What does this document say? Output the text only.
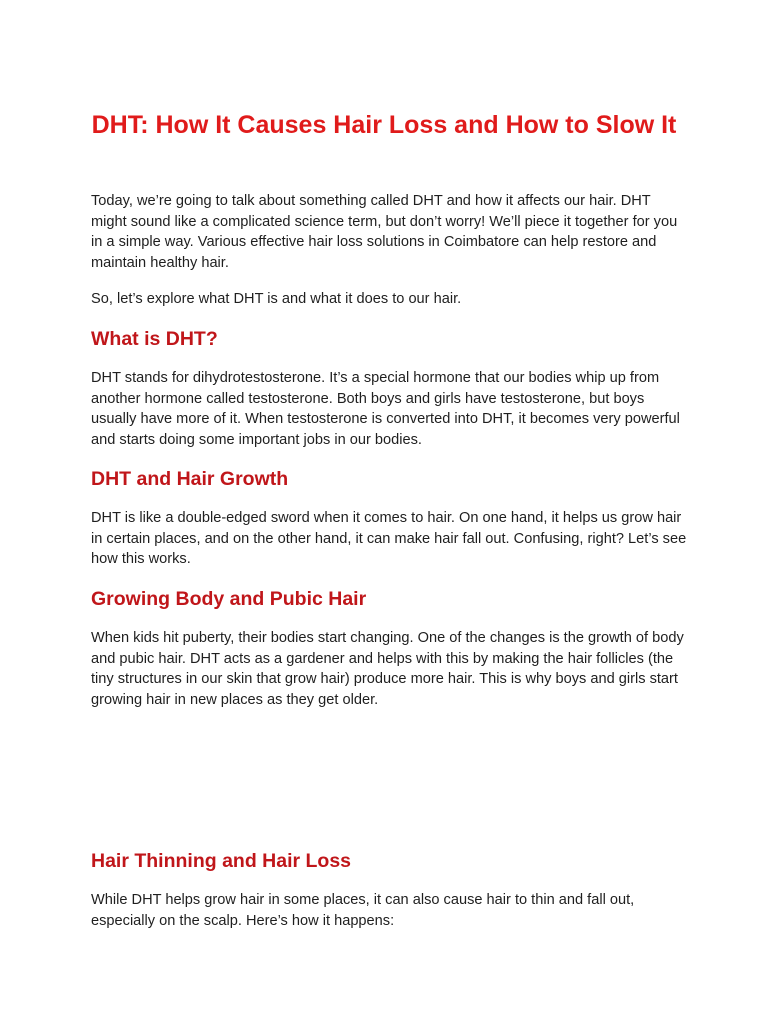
DHT: How It Causes Hair Loss and How to Slow It

Today, we’re going to talk about something called DHT and how it affects our hair. DHT might sound like a complicated science term, but don’t worry! We’ll piece it together for you in a simple way. Various effective hair loss solutions in Coimbatore can help restore and maintain healthy hair.

So, let’s explore what DHT is and what it does to our hair.

What is DHT?

DHT stands for dihydrotestosterone. It’s a special hormone that our bodies whip up from another hormone called testosterone. Both boys and girls have testosterone, but boys usually have more of it. When testosterone is converted into DHT, it becomes very powerful and starts doing some important jobs in our bodies.

DHT and Hair Growth

DHT is like a double-edged sword when it comes to hair. On one hand, it helps us grow hair in certain places, and on the other hand, it can make hair fall out. Confusing, right? Let’s see how this works.

Growing Body and Pubic Hair

When kids hit puberty, their bodies start changing. One of the changes is the growth of body and pubic hair. DHT acts as a gardener and helps with this by making the hair follicles (the tiny structures in our skin that grow hair) produce more hair. This is why boys and girls start growing hair in new places as they get older.

Hair Thinning and Hair Loss

While DHT helps grow hair in some places, it can also cause hair to thin and fall out, especially on the scalp. Here’s how it happens:
